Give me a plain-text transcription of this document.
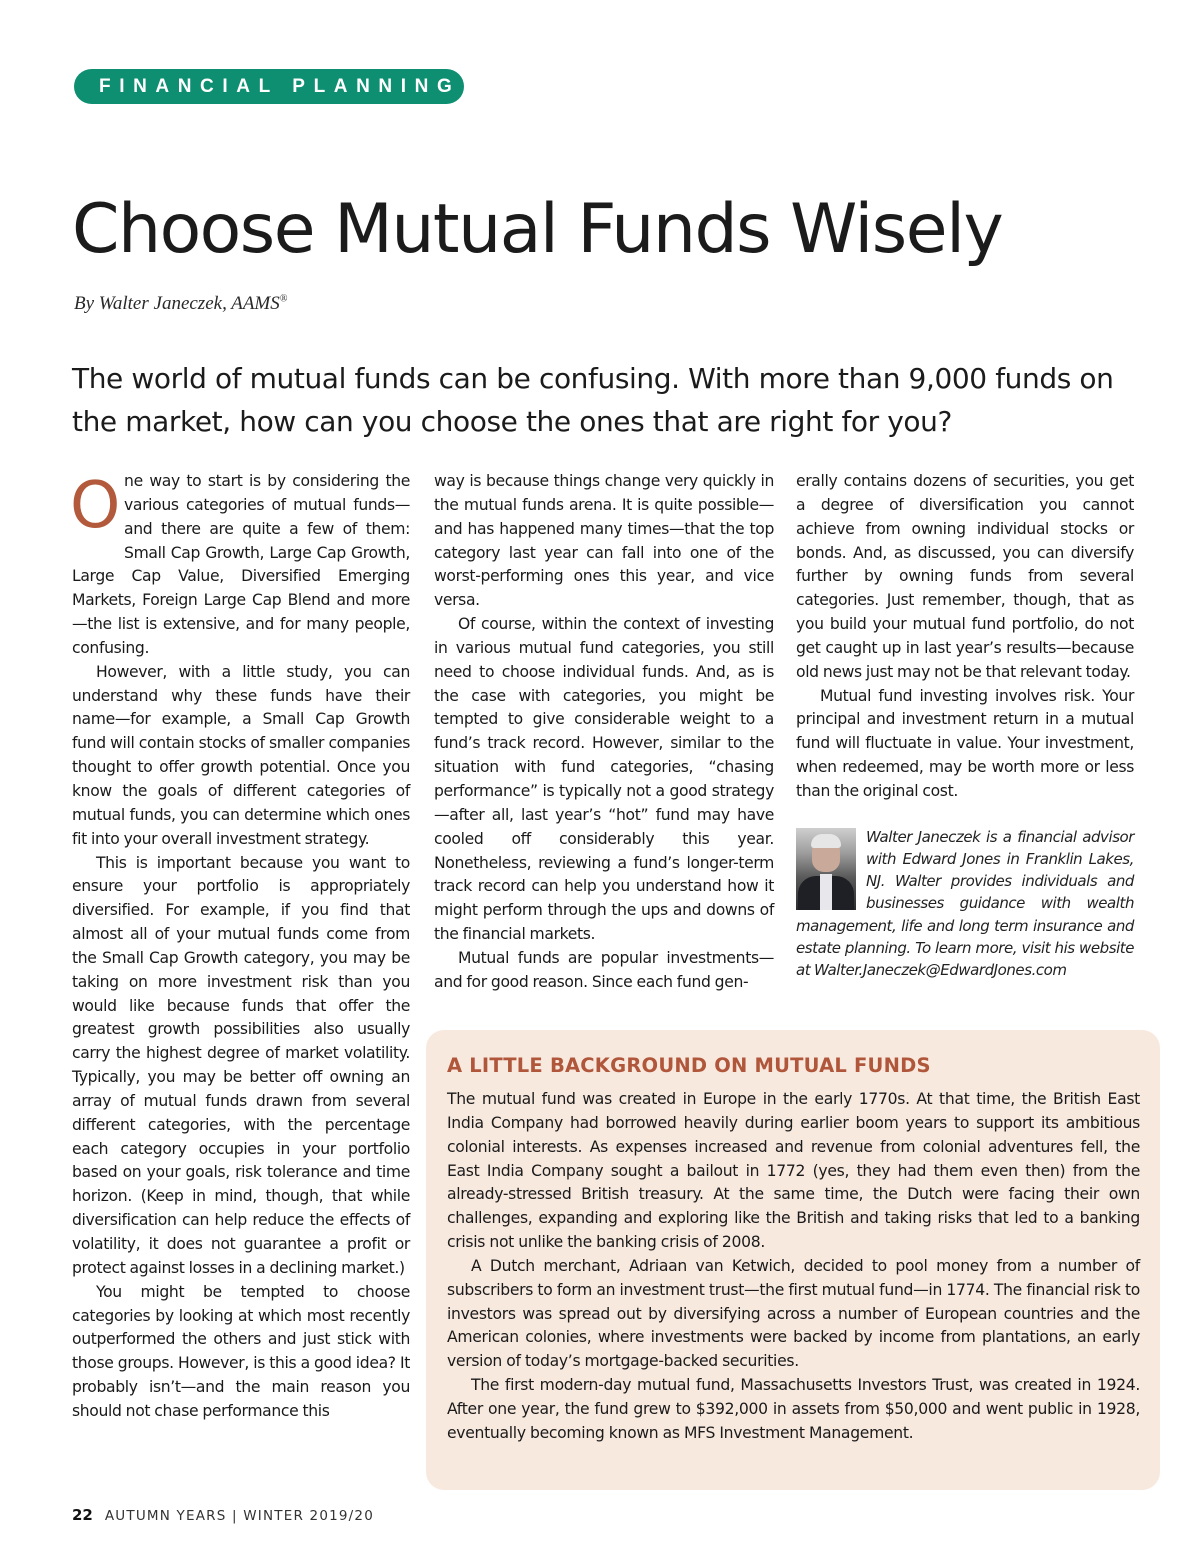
FINANCIAL PLANNING
Choose Mutual Funds Wisely
By Walter Janeczek, AAMS®

The world of mutual funds can be confusing. With more than 9,000 funds on the market, how can you choose the ones that are right for you?

One way to start is by considering the various categories of mutual funds—and there are quite a few of them: Small Cap Growth, Large Cap Growth, Large Cap Value, Diversified Emerging Markets, Foreign Large Cap Blend and more—the list is extensive, and for many people, confusing.

However, with a little study, you can understand why these funds have their name—for example, a Small Cap Growth fund will contain stocks of smaller companies thought to offer growth potential. Once you know the goals of different categories of mutual funds, you can determine which ones fit into your overall investment strategy.

This is important because you want to ensure your portfolio is appropriately diversified. For example, if you find that almost all of your mutual funds come from the Small Cap Growth category, you may be taking on more investment risk than you would like because funds that offer the greatest growth possibilities also usually carry the highest degree of market volatility. Typically, you may be better off owning an array of mutual funds drawn from several different categories, with the percentage each category occupies in your portfolio based on your goals, risk tolerance and time horizon. (Keep in mind, though, that while diversification can help reduce the effects of volatility, it does not guarantee a profit or protect against losses in a declining market.)

You might be tempted to choose categories by looking at which most recently outperformed the others and just stick with those groups. However, is this a good idea? It probably isn’t—and the main reason you should not chase performance this

way is because things change very quickly in the mutual funds arena. It is quite possible—and has happened many times—that the top category last year can fall into one of the worst-performing ones this year, and vice versa.

Of course, within the context of investing in various mutual fund categories, you still need to choose individual funds. And, as is the case with categories, you might be tempted to give considerable weight to a fund’s track record. However, similar to the situation with fund categories, “chasing performance” is typically not a good strategy—after all, last year’s “hot” fund may have cooled off considerably this year. Nonetheless, reviewing a fund’s longer-term track record can help you understand how it might perform through the ups and downs of the financial markets.

Mutual funds are popular investments—and for good reason. Since each fund gen-

erally contains dozens of securities, you get a degree of diversification you cannot achieve from owning individual stocks or bonds. And, as discussed, you can diversify further by owning funds from several categories. Just remember, though, that as you build your mutual fund portfolio, do not get caught up in last year’s results—because old news just may not be that relevant today.

Mutual fund investing involves risk. Your principal and investment return in a mutual fund will fluctuate in value. Your investment, when redeemed, may be worth more or less than the original cost.

Walter Janeczek is a financial advisor with Edward Jones in Franklin Lakes, NJ. Walter provides individuals and businesses guidance with wealth management, life and long term insurance and estate planning. To learn more, visit his website at Walter.Janeczek@EdwardJones.com

A LITTLE BACKGROUND ON MUTUAL FUNDS

The mutual fund was created in Europe in the early 1770s. At that time, the British East India Company had borrowed heavily during earlier boom years to support its ambitious colonial interests. As expenses increased and revenue from colonial adventures fell, the East India Company sought a bailout in 1772 (yes, they had them even then) from the already-stressed British treasury. At the same time, the Dutch were facing their own challenges, expanding and exploring like the British and taking risks that led to a banking crisis not unlike the banking crisis of 2008.

A Dutch merchant, Adriaan van Ketwich, decided to pool money from a number of subscribers to form an investment trust—the first mutual fund—in 1774. The financial risk to investors was spread out by diversifying across a number of European countries and the American colonies, where investments were backed by income from plantations, an early version of today’s mortgage-backed securities.

The first modern-day mutual fund, Massachusetts Investors Trust, was created in 1924. After one year, the fund grew to $392,000 in assets from $50,000 and went public in 1928, eventually becoming known as MFS Investment Management.

22 AUTUMN YEARS | WINTER 2019/20
